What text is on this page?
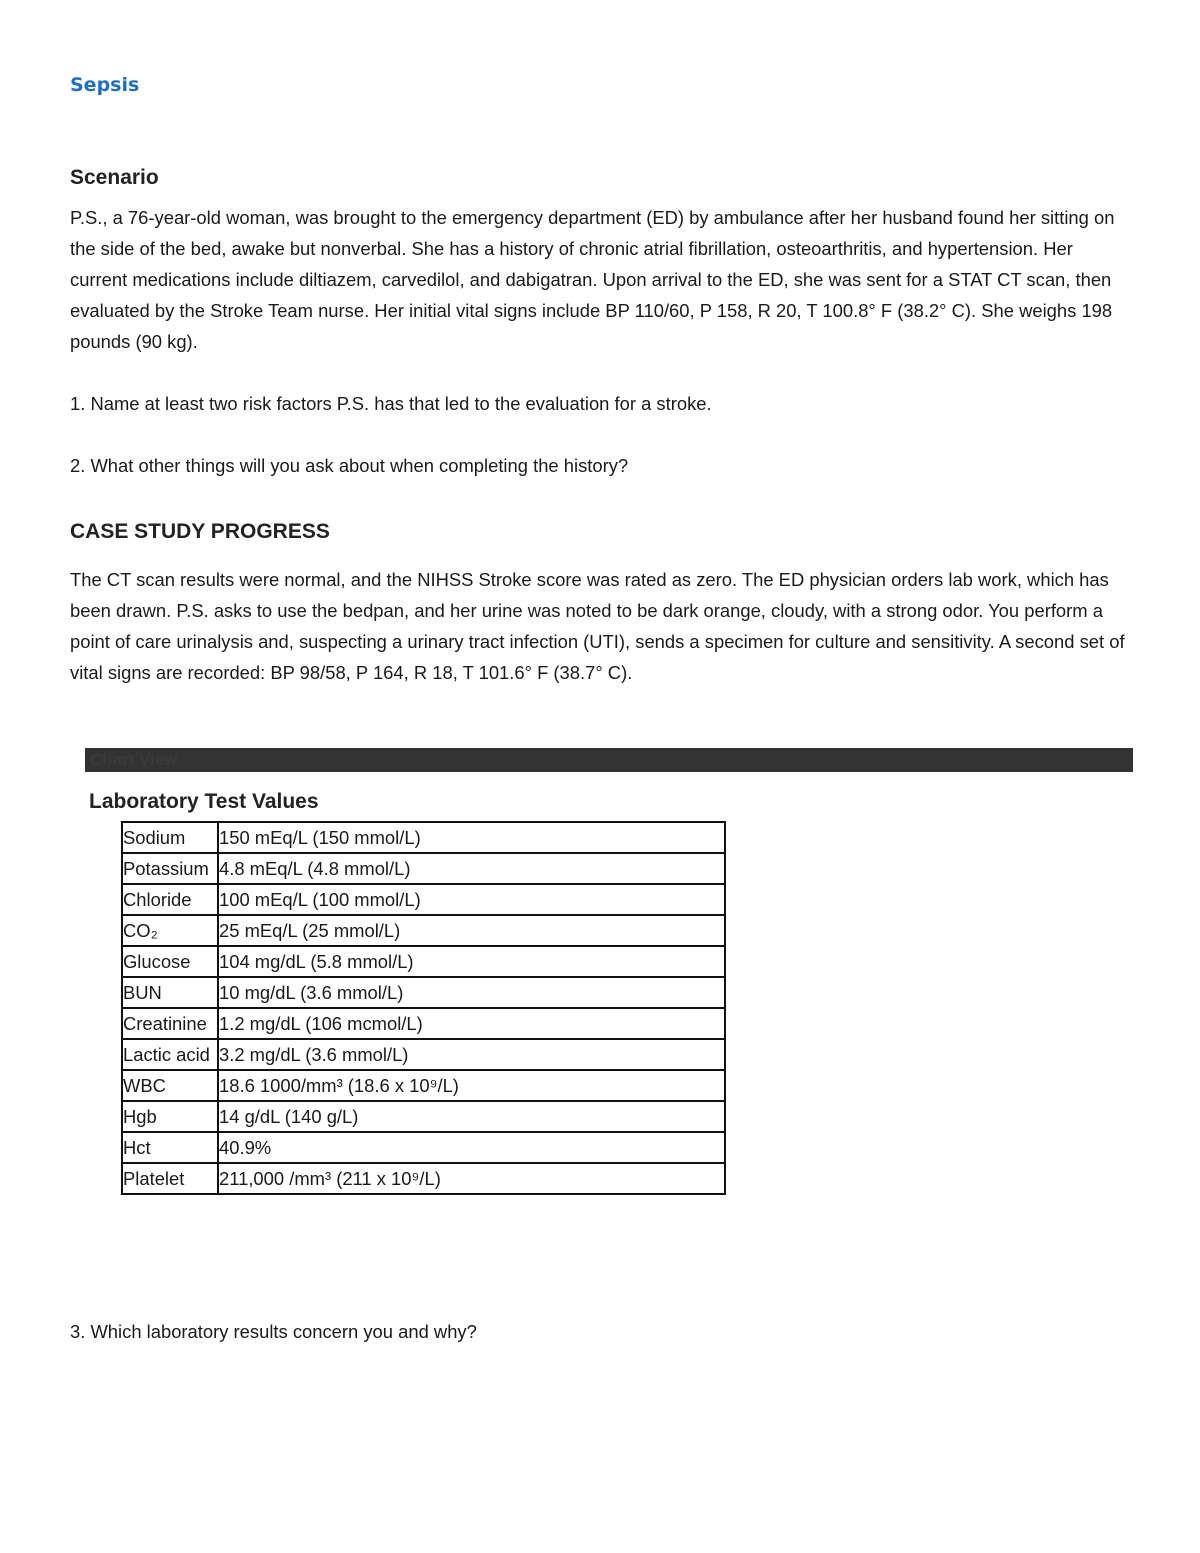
Sepsis
Scenario

P.S., a 76-year-old woman, was brought to the emergency department (ED) by ambulance after her husband found her sitting on the side of the bed, awake but nonverbal. She has a history of chronic atrial fibrillation, osteoarthritis, and hypertension. Her current medications include diltiazem, carvedilol, and dabigatran. Upon arrival to the ED, she was sent for a STAT CT scan, then evaluated by the Stroke Team nurse. Her initial vital signs include BP 110/60, P 158, R 20, T 100.8° F (38.2° C). She weighs 198 pounds (90 kg).

1. Name at least two risk factors P.S. has that led to the evaluation for a stroke.

2. What other things will you ask about when completing the history?

CASE STUDY PROGRESS

The CT scan results were normal, and the NIHSS Stroke score was rated as zero. The ED physician orders lab work, which has been drawn. P.S. asks to use the bedpan, and her urine was noted to be dark orange, cloudy, with a strong odor. You perform a point of care urinalysis and, suspecting a urinary tract infection (UTI), sends a specimen for culture and sensitivity. A second set of vital signs are recorded: BP 98/58, P 164, R 18, T 101.6° F (38.7° C).

Chart View
Laboratory Test Values
Sodium	150 mEq/L (150 mmol/L)
Potassium	4.8 mEq/L (4.8 mmol/L)
Chloride	100 mEq/L (100 mmol/L)
CO₂	25 mEq/L (25 mmol/L)
Glucose	104 mg/dL (5.8 mmol/L)
BUN	10 mg/dL (3.6 mmol/L)
Creatinine	1.2 mg/dL (106 mcmol/L)
Lactic acid	3.2 mg/dL (3.6 mmol/L)
WBC	18.6 1000/mm³ (18.6 x 10⁹/L)
Hgb	14 g/dL (140 g/L)
Hct	40.9%
Platelet	211,000 /mm³ (211 x 10⁹/L)

3. Which laboratory results concern you and why?
